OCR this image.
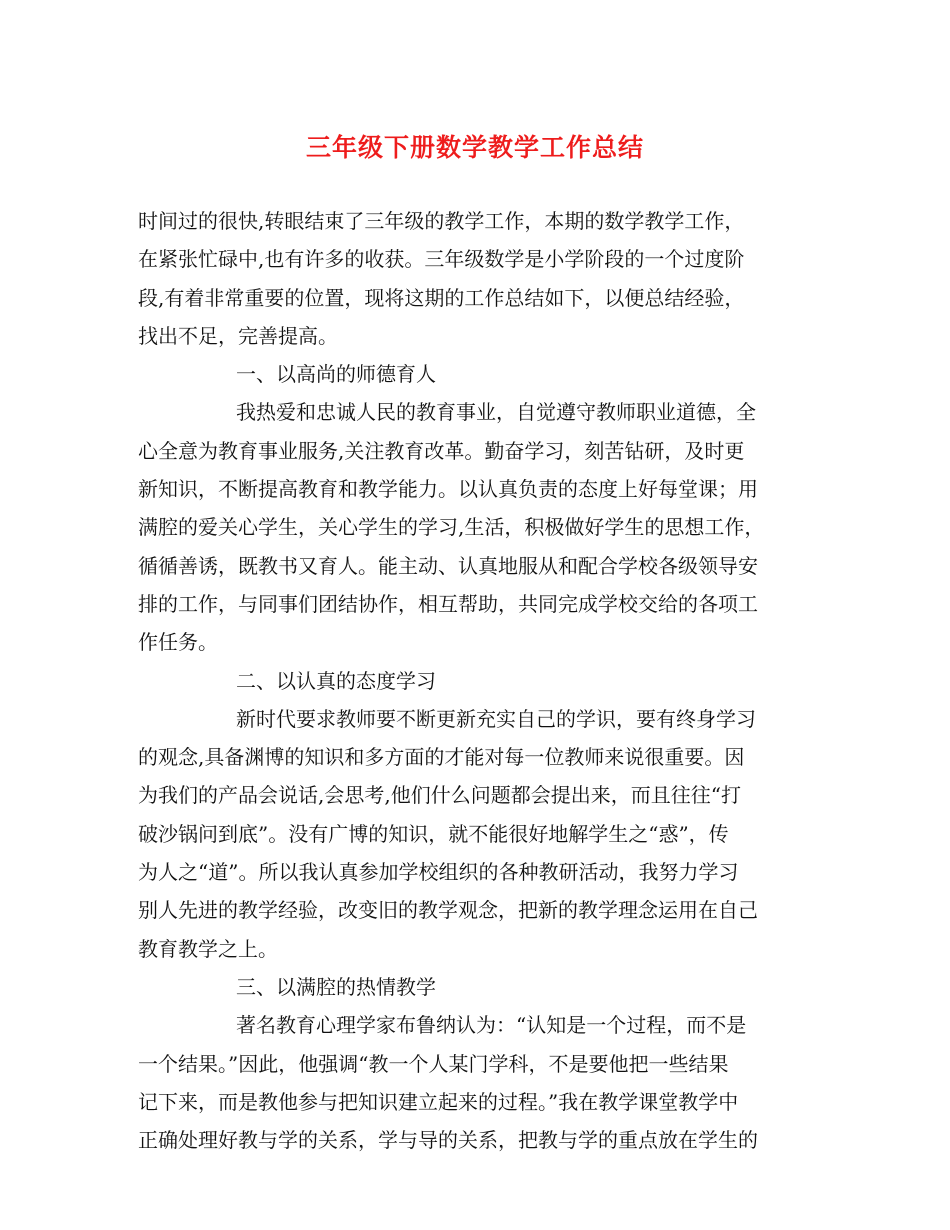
三年级下册数学教学工作总结
时间过的很快,转眼结束了三年级的教学工作，本期的数学教学工作，
在紧张忙碌中,也有许多的收获。三年级数学是小学阶段的一个过度阶
段,有着非常重要的位置，现将这期的工作总结如下，以便总结经验，
找出不足，完善提高。
一、以高尚的师德育人
我热爱和忠诚人民的教育事业，自觉遵守教师职业道德，全
心全意为教育事业服务,关注教育改革。勤奋学习，刻苦钻研，及时更
新知识，不断提高教育和教学能力。以认真负责的态度上好每堂课；用
满腔的爱关心学生，关心学生的学习,生活，积极做好学生的思想工作，
循循善诱，既教书又育人。能主动、认真地服从和配合学校各级领导安
排的工作，与同事们团结协作，相互帮助，共同完成学校交给的各项工
作任务。
二、以认真的态度学习
新时代要求教师要不断更新充实自己的学识，要有终身学习
的观念,具备渊博的知识和多方面的才能对每一位教师来说很重要。因
为我们的产品会说话,会思考,他们什么问题都会提出来，而且往往“打
破沙锅问到底”。没有广博的知识，就不能很好地解学生之“惑”，传
为人之“道”。所以我认真参加学校组织的各种教研活动，我努力学习
别人先进的教学经验，改变旧的教学观念，把新的教学理念运用在自己
教育教学之上。
三、以满腔的热情教学
著名教育心理学家布鲁纳认为：“认知是一个过程，而不是
一个结果。”因此，他强调“教一个人某门学科，不是要他把一些结果
记下来，而是教他参与把知识建立起来的过程。”我在教学课堂教学中
正确处理好教与学的关系，学与导的关系，把教与学的重点放在学生的
